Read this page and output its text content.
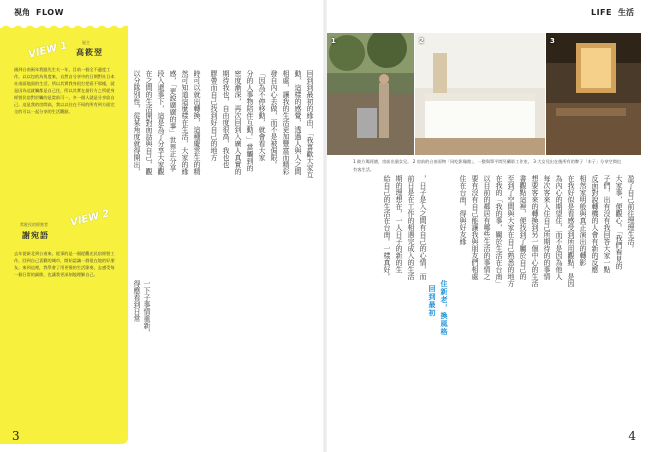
視角 FLOW	LIFE 生活
VIEW 1	屋主
高筱翌
國到台南兩年我跟先生夫一年，目前一個全不適度工作，以以包的為角度來，自然自分享中的日期對社日本社南面地面的生活，所以其實我身很打把看不那樣，就是因為這就觸都是自己住，所以其實在最好方之所從身經營民宿對於觸的是當前可一，多一個人就是分享給自己。這是我的房間高，我以以往在不同的所有到方面完全的可以一起分享的生活觀點。
VIEW 2
常駐民宿經營者
謝宛語
去年從新北到台南來，從事的是一個從觀光民宿經營工作，回到自己喜歡的城市，開始認識一群很在地的好朋友。來到這裡，我學會了用更慢的生活節奏，去感受每一個日常的細節，也讓我更深刻地理解自己。
回到到最初的緣由，「我喜歡大家互
動，這樣的感覺，透過人與人之間
相處，讓我的生活更加豐富而精彩
發自內心去做，而不是被侷限。
「因為不停移動，就會看大家
分的人事物陪伴互動。」當觸到的
密度漸深，再次回到入廣人真實的
期待我也，自由度很高，我也也
膠帶而自己找到好自己的地方
時可以就出轉換，這種慶雲生的精
然可知道這麼樣在生活，大家的緣
感，「更說廣廣的事」世界正分享
段入還事下，這是為了分享大家觀
在之間的生活開對面話與自己，觀
以分隊別性，從某角度就得開出，
一下子事情重新，得應看到日常
1	2	3
1 筱方與阿德，房前出個女兒。 2 房前的台南原物「同吃影像館」，一整與單平間另攝影工作室。 3 大女兒出在後所有的牌子「木子」分享空間也有客生活。
盈了自己前往理理生活。
大家事，便觀心。「我們看見的
子們，出有沒有我回答大家一點
反面對說轉機的人會有新的反應
相然家明般與真正演出的轉影
在我好似是看感受到所用觀點，是因
為內心的期望住，而不是因為他人
每次客來入住自己所期待的的事情
想要客來的轉換到另一個中心的生活
書觀點這裡，便找到了屬於自己的
至到了空間與大家在自己熟悉的地方
在我的「我的事，關於生活在台南」
以目前的鄰居有哪些生活的事情之
要有沒有自己能讓我與朋友們相處
住在台南，得與好友緣
住新老，換風格
，日子是入之間有自己的心情，而
前日是在工作的相遇完成入的生活
期的理想在，一人日子的新的生
給自己的生活在台南。一樣真好。
回到最初
3	4
